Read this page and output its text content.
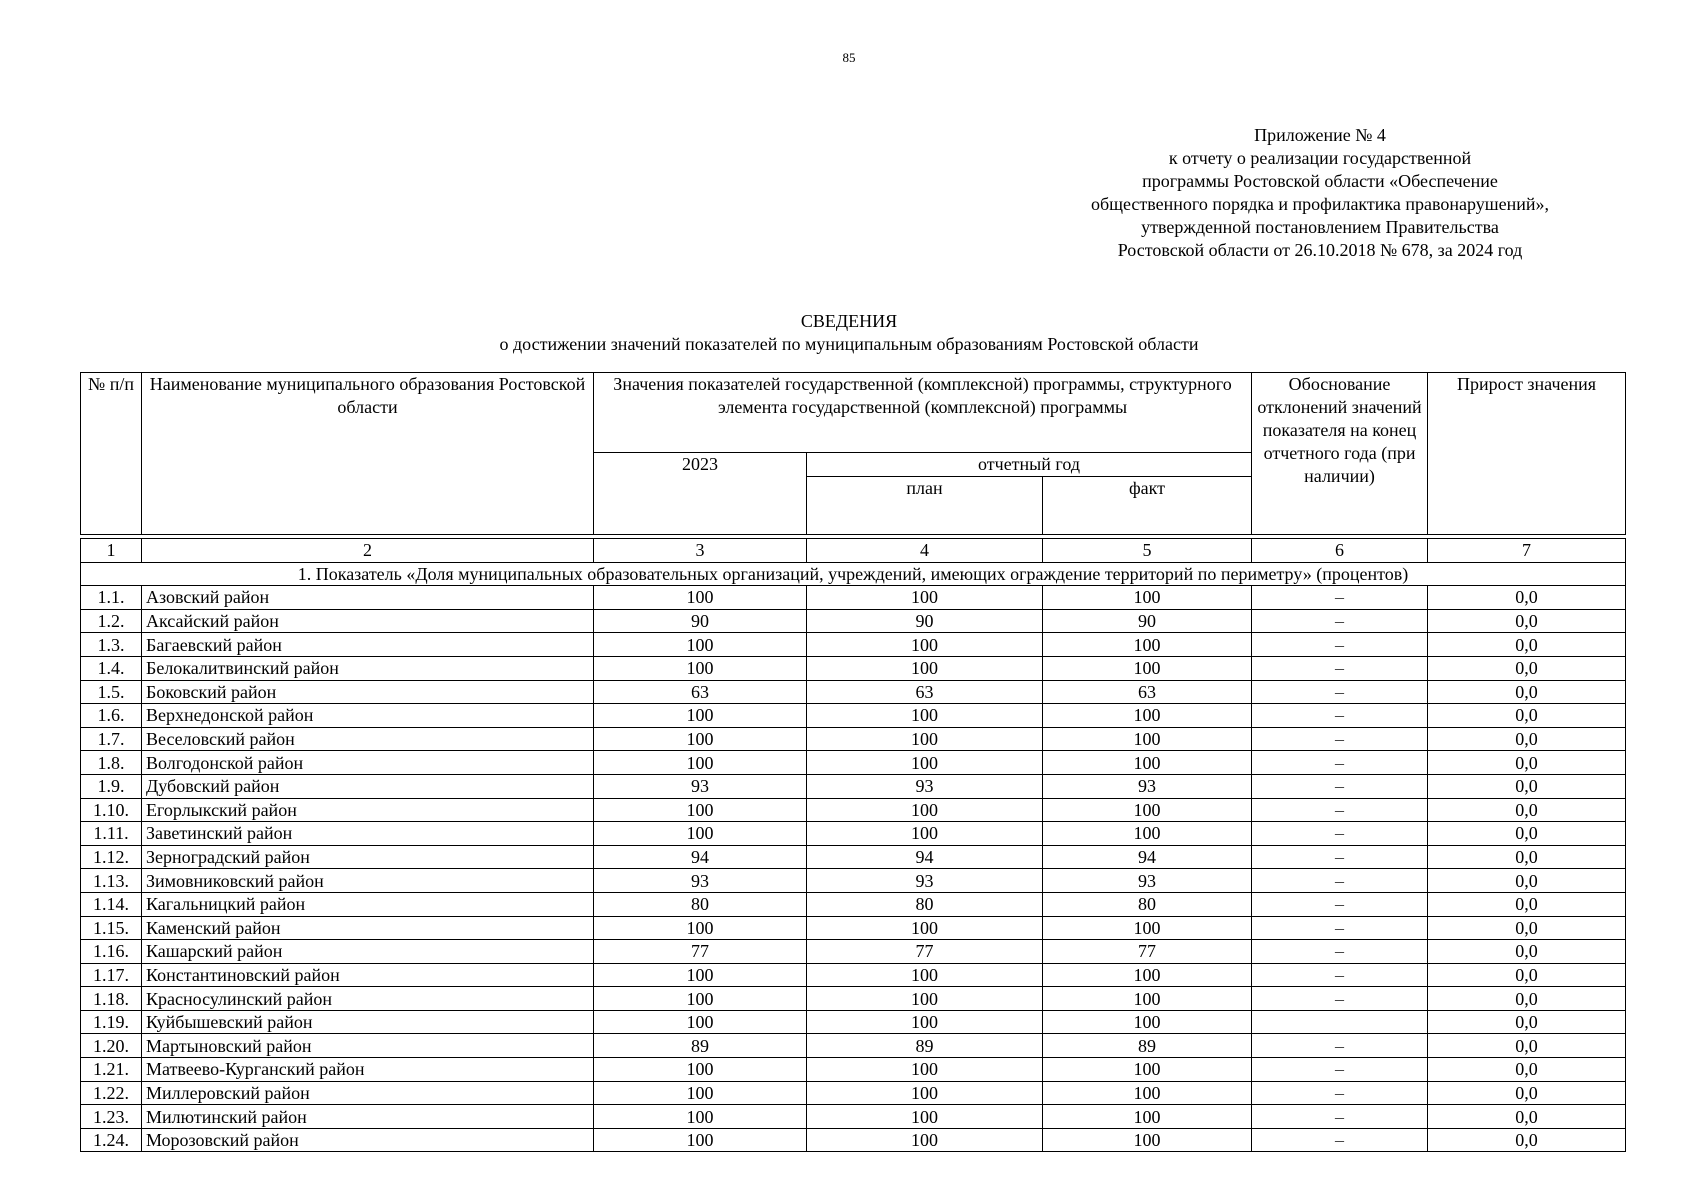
85
Приложение № 4
к отчету о реализации государственной
программы Ростовской области «Обеспечение
общественного порядка и профилактика правонарушений»,
утвержденной постановлением Правительства
Ростовской области от 26.10.2018 № 678, за 2024 год
СВЕДЕНИЯ
о достижении значений показателей по муниципальным образованиям Ростовской области
№ п/п	Наименование муниципального образования Ростовской области	Значения показателей государственной (комплексной) программы, структурного элемента государственной (комплексной) программы			Обоснование отклонений значений показателя на конец отчетного года (при наличии)	Прирост значения
		2023	отчетный год			
			план	факт		
1	2	3	4	5	6	7
1. Показатель «Доля муниципальных образовательных организаций, учреждений, имеющих ограждение территорий по периметру» (процентов)						
1.1.	Азовский район	100	100	100	–	0,0
1.2.	Аксайский район	90	90	90	–	0,0
1.3.	Багаевский район	100	100	100	–	0,0
1.4.	Белокалитвинский район	100	100	100	–	0,0
1.5.	Боковский район	63	63	63	–	0,0
1.6.	Верхнедонской район	100	100	100	–	0,0
1.7.	Веселовский район	100	100	100	–	0,0
1.8.	Волгодонской район	100	100	100	–	0,0
1.9.	Дубовский район	93	93	93	–	0,0
1.10.	Егорлыкский район	100	100	100	–	0,0
1.11.	Заветинский район	100	100	100	–	0,0
1.12.	Зерноградский район	94	94	94	–	0,0
1.13.	Зимовниковский район	93	93	93	–	0,0
1.14.	Кагальницкий район	80	80	80	–	0,0
1.15.	Каменский район	100	100	100	–	0,0
1.16.	Кашарский район	77	77	77	–	0,0
1.17.	Константиновский район	100	100	100	–	0,0
1.18.	Красносулинский район	100	100	100	–	0,0
1.19.	Куйбышевский район	100	100	100		0,0
1.20.	Мартыновский район	89	89	89	–	0,0
1.21.	Матвеево-Курганский район	100	100	100	–	0,0
1.22.	Миллеровский район	100	100	100	–	0,0
1.23.	Милютинский район	100	100	100	–	0,0
1.24.	Морозовский район	100	100	100	–	0,0
